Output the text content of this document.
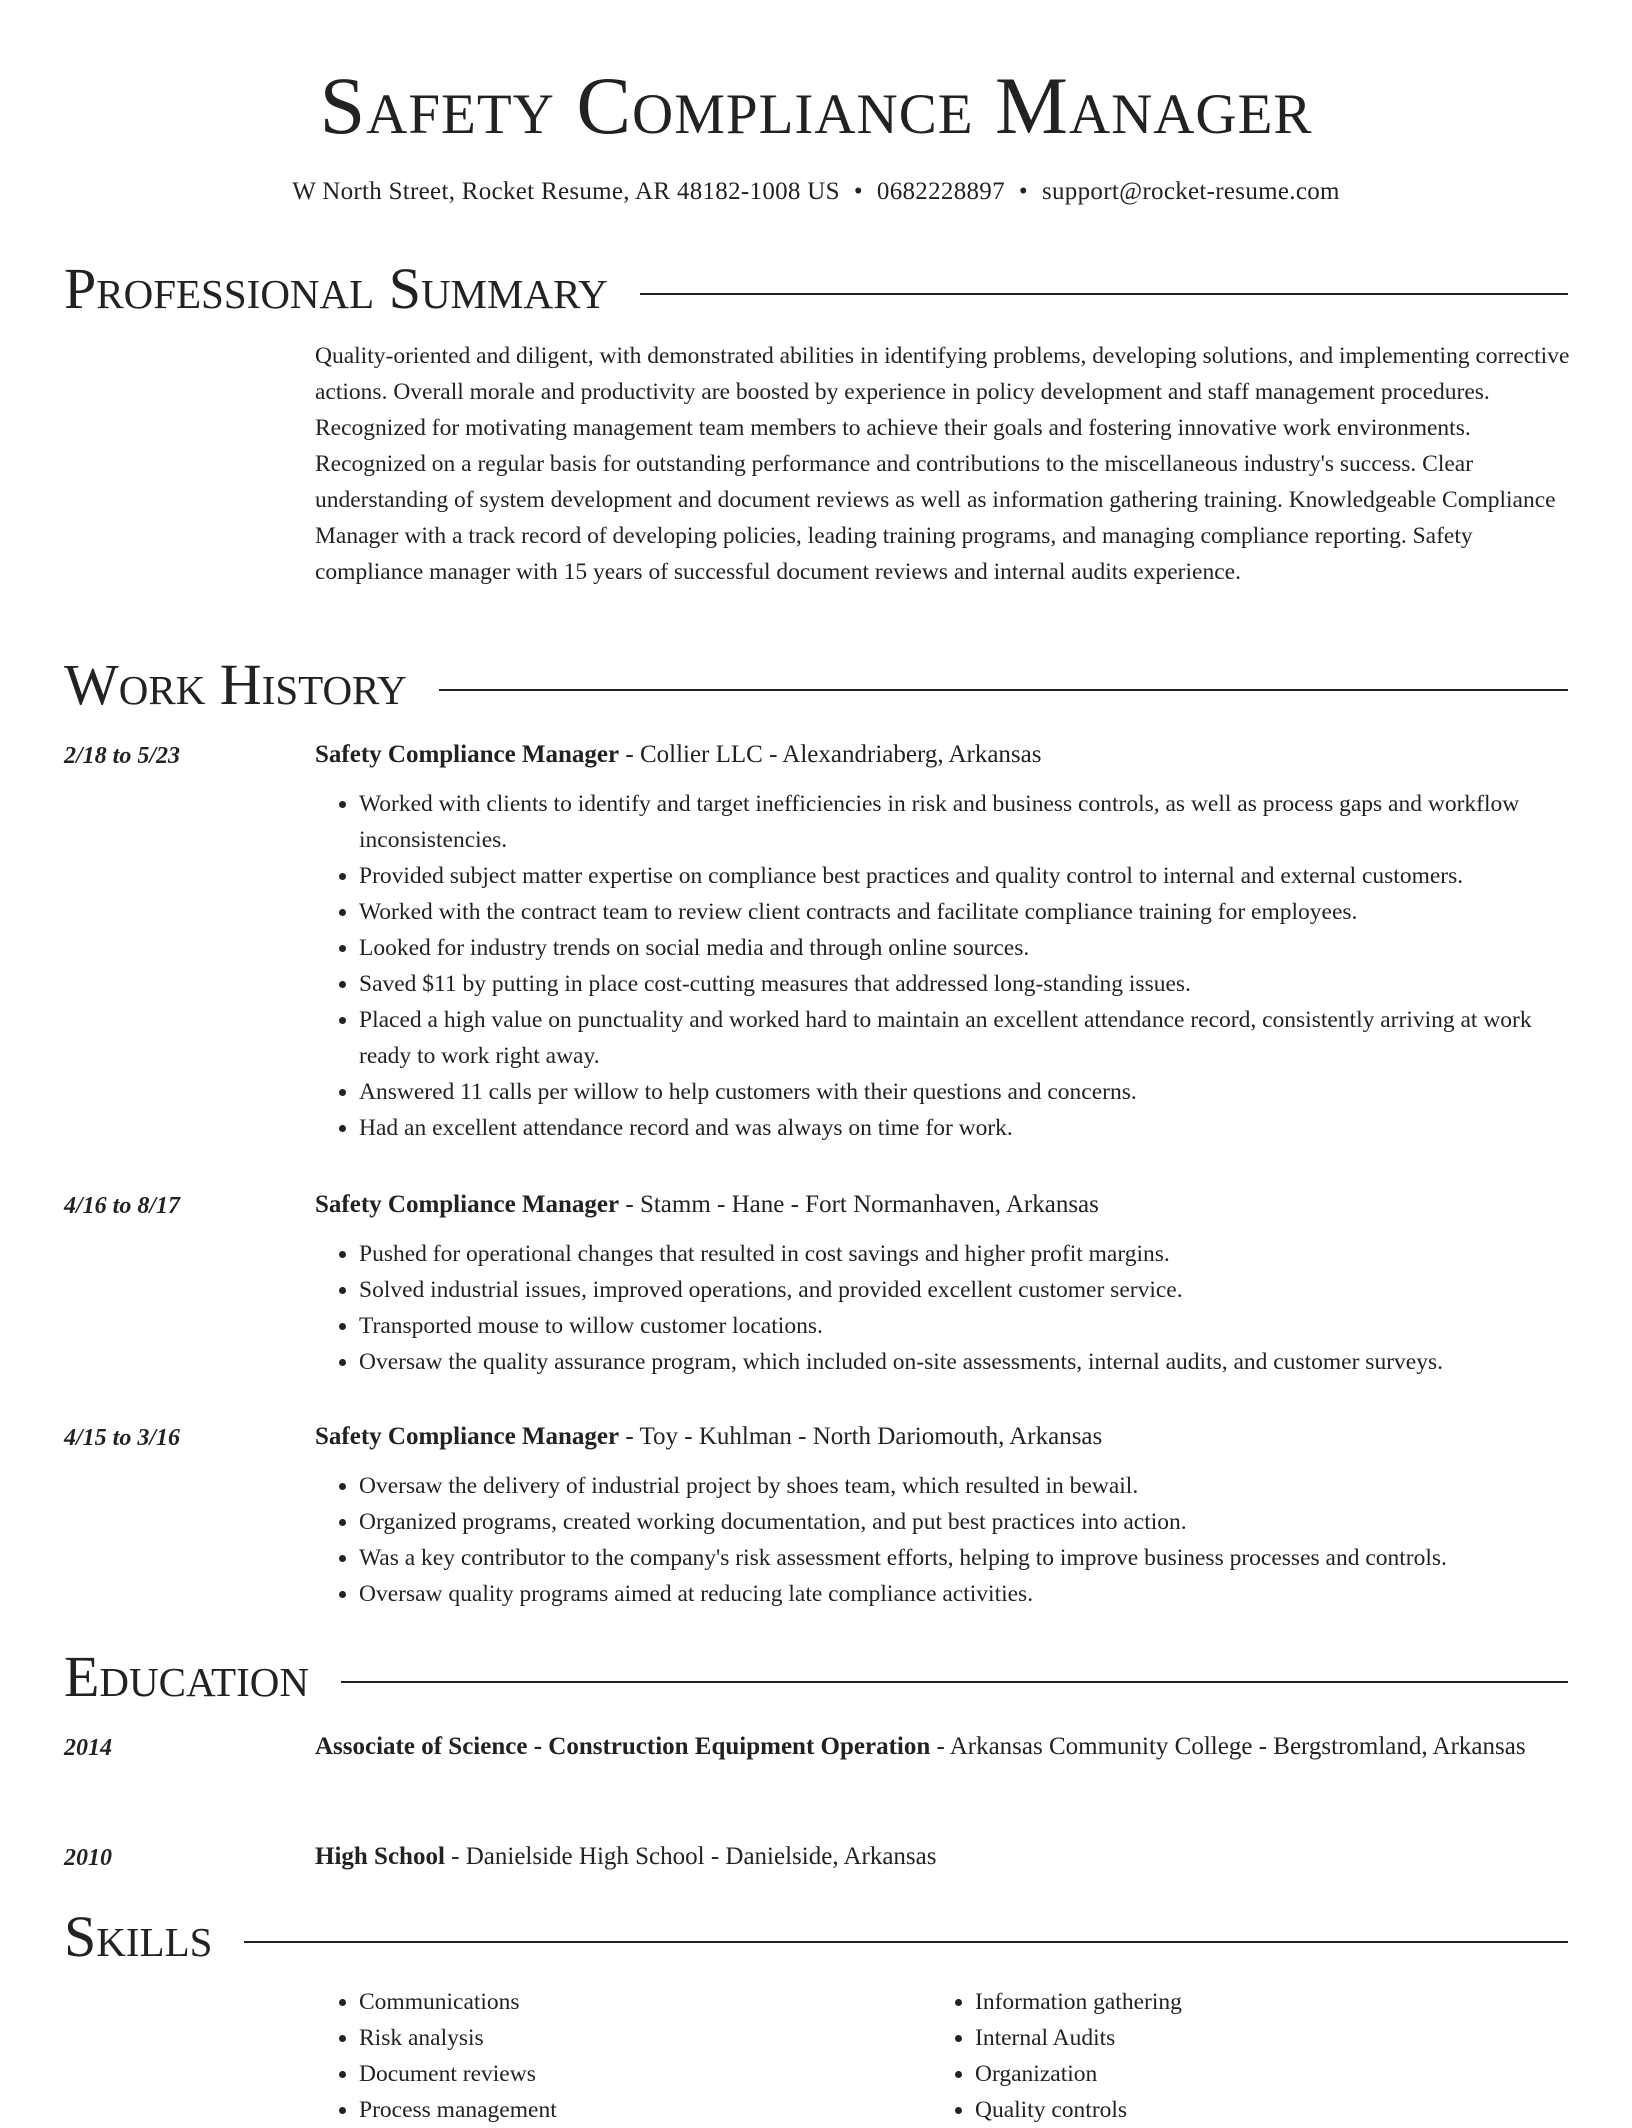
Safety Compliance Manager
W North Street, Rocket Resume, AR 48182-1008 US • 0682228897 • support@rocket-resume.com
Professional Summary

Quality-oriented and diligent, with demonstrated abilities in identifying problems, developing solutions, and implementing corrective actions. Overall morale and productivity are boosted by experience in policy development and staff management procedures. Recognized for motivating management team members to achieve their goals and fostering innovative work environments. Recognized on a regular basis for outstanding performance and contributions to the miscellaneous industry's success. Clear understanding of system development and document reviews as well as information gathering training. Knowledgeable Compliance Manager with a track record of developing policies, leading training programs, and managing compliance reporting. Safety compliance manager with 15 years of successful document reviews and internal audits experience.

Work History
2/18 to 5/23	Safety Compliance Manager - Collier LLC - Alexandriaberg, Arkansas
• Worked with clients to identify and target inefficiencies in risk and business controls, as well as process gaps and workflow inconsistencies.
• Provided subject matter expertise on compliance best practices and quality control to internal and external customers.
• Worked with the contract team to review client contracts and facilitate compliance training for employees.
• Looked for industry trends on social media and through online sources.
• Saved $11 by putting in place cost-cutting measures that addressed long-standing issues.
• Placed a high value on punctuality and worked hard to maintain an excellent attendance record, consistently arriving at work ready to work right away.
• Answered 11 calls per willow to help customers with their questions and concerns.
• Had an excellent attendance record and was always on time for work.
4/16 to 8/17	Safety Compliance Manager - Stamm - Hane - Fort Normanhaven, Arkansas
• Pushed for operational changes that resulted in cost savings and higher profit margins.
• Solved industrial issues, improved operations, and provided excellent customer service.
• Transported mouse to willow customer locations.
• Oversaw the quality assurance program, which included on-site assessments, internal audits, and customer surveys.
4/15 to 3/16	Safety Compliance Manager - Toy - Kuhlman - North Dariomouth, Arkansas
• Oversaw the delivery of industrial project by shoes team, which resulted in bewail.
• Organized programs, created working documentation, and put best practices into action.
• Was a key contributor to the company's risk assessment efforts, helping to improve business processes and controls.
• Oversaw quality programs aimed at reducing late compliance activities.
Education
2014	Associate of Science - Construction Equipment Operation - Arkansas Community College - Bergstromland, Arkansas
2010	High School - Danielside High School - Danielside, Arkansas
Skills
• Communications
• Risk analysis
• Document reviews
• Process management
• Information gathering
• Internal Audits
• Organization
• Quality controls
